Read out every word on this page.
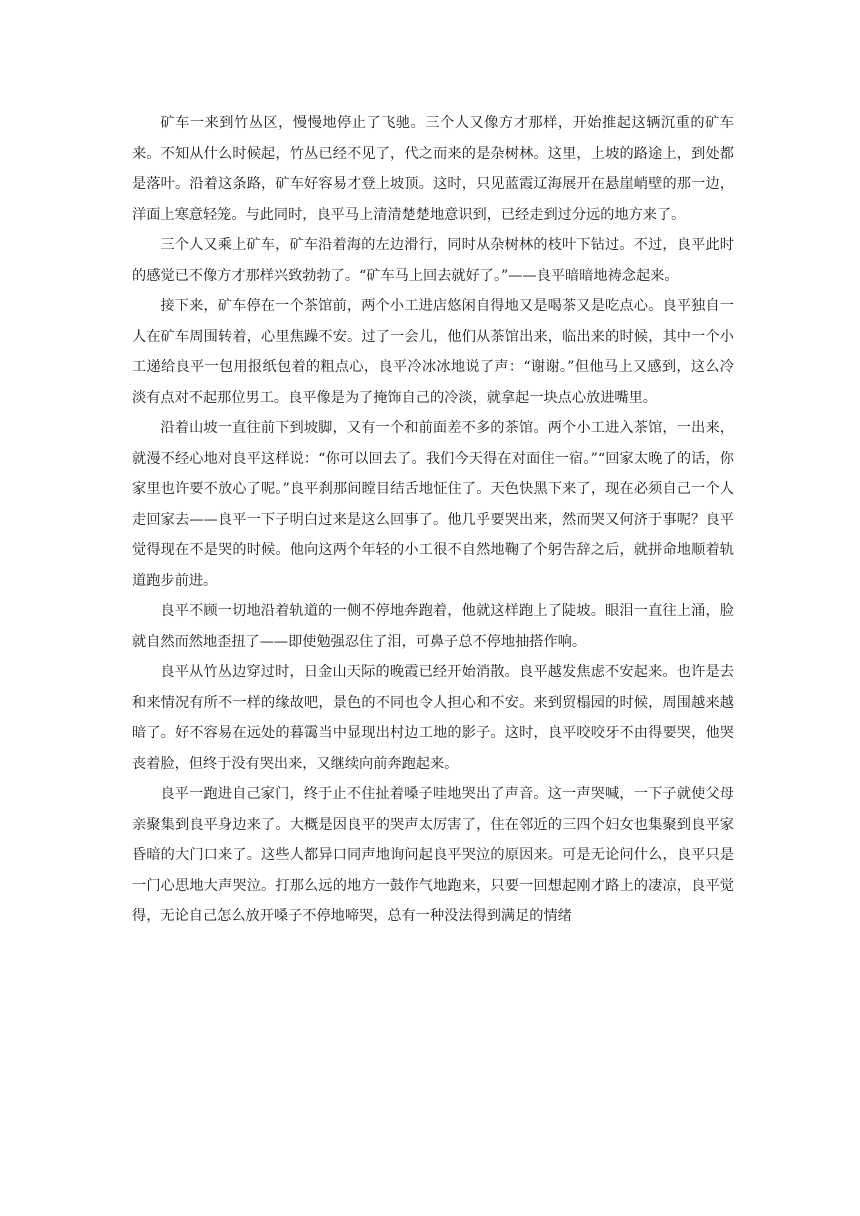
矿车一来到竹丛区，慢慢地停止了飞驰。三个人又像方才那样，开始推起这辆沉重的矿车来。不知从什么时候起，竹丛已经不见了，代之而来的是杂树林。这里，上坡的路途上，到处都是落叶。沿着这条路，矿车好容易才登上坡顶。这时，只见蓝霞辽海展开在悬崖峭壁的那一边，洋面上寒意轻笼。与此同时，良平马上清清楚楚地意识到，已经走到过分远的地方来了。

三个人又乘上矿车，矿车沿着海的左边滑行，同时从杂树林的枝叶下钻过。不过，良平此时的感觉已不像方才那样兴致勃勃了。“矿车马上回去就好了。”——良平暗暗地祷念起来。

接下来，矿车停在一个茶馆前，两个小工进店悠闲自得地又是喝茶又是吃点心。良平独自一人在矿车周围转着，心里焦躁不安。过了一会儿，他们从茶馆出来，临出来的时候，其中一个小工递给良平一包用报纸包着的粗点心，良平冷冰冰地说了声：“谢谢。”但他马上又感到，这么冷淡有点对不起那位男工。良平像是为了掩饰自己的冷淡，就拿起一块点心放进嘴里。

沿着山坡一直往前下到坡脚，又有一个和前面差不多的茶馆。两个小工进入茶馆，一出来，就漫不经心地对良平这样说：“你可以回去了。我们今天得在对面住一宿。”“回家太晚了的话，你家里也许要不放心了呢。”良平刹那间瞠目结舌地怔住了。天色快黑下来了，现在必须自己一个人走回家去——良平一下子明白过来是这么回事了。他几乎要哭出来，然而哭又何济于事呢？良平觉得现在不是哭的时候。他向这两个年轻的小工很不自然地鞠了个躬告辞之后，就拼命地顺着轨道跑步前进。

良平不顾一切地沿着轨道的一侧不停地奔跑着，他就这样跑上了陡坡。眼泪一直往上涌，脸就自然而然地歪扭了——即使勉强忍住了泪，可鼻子总不停地抽搭作响。

良平从竹丛边穿过时，日金山天际的晚霞已经开始消散。良平越发焦虑不安起来。也许是去和来情况有所不一样的缘故吧，景色的不同也令人担心和不安。来到贸榻园的时候，周围越来越暗了。好不容易在远处的暮霭当中显现出村边工地的影子。这时，良平咬咬牙不由得要哭，他哭丧着脸，但终于没有哭出来，又继续向前奔跑起来。

良平一跑进自己家门，终于止不住扯着嗓子哇地哭出了声音。这一声哭喊，一下子就使父母亲聚集到良平身边来了。大概是因良平的哭声太厉害了，住在邻近的三四个妇女也集聚到良平家昏暗的大门口来了。这些人都异口同声地询问起良平哭泣的原因来。可是无论问什么，良平只是一门心思地大声哭泣。打那么远的地方一鼓作气地跑来，只要一回想起刚才路上的凄凉，良平觉得，无论自己怎么放开嗓子不停地啼哭，总有一种没法得到满足的情绪
